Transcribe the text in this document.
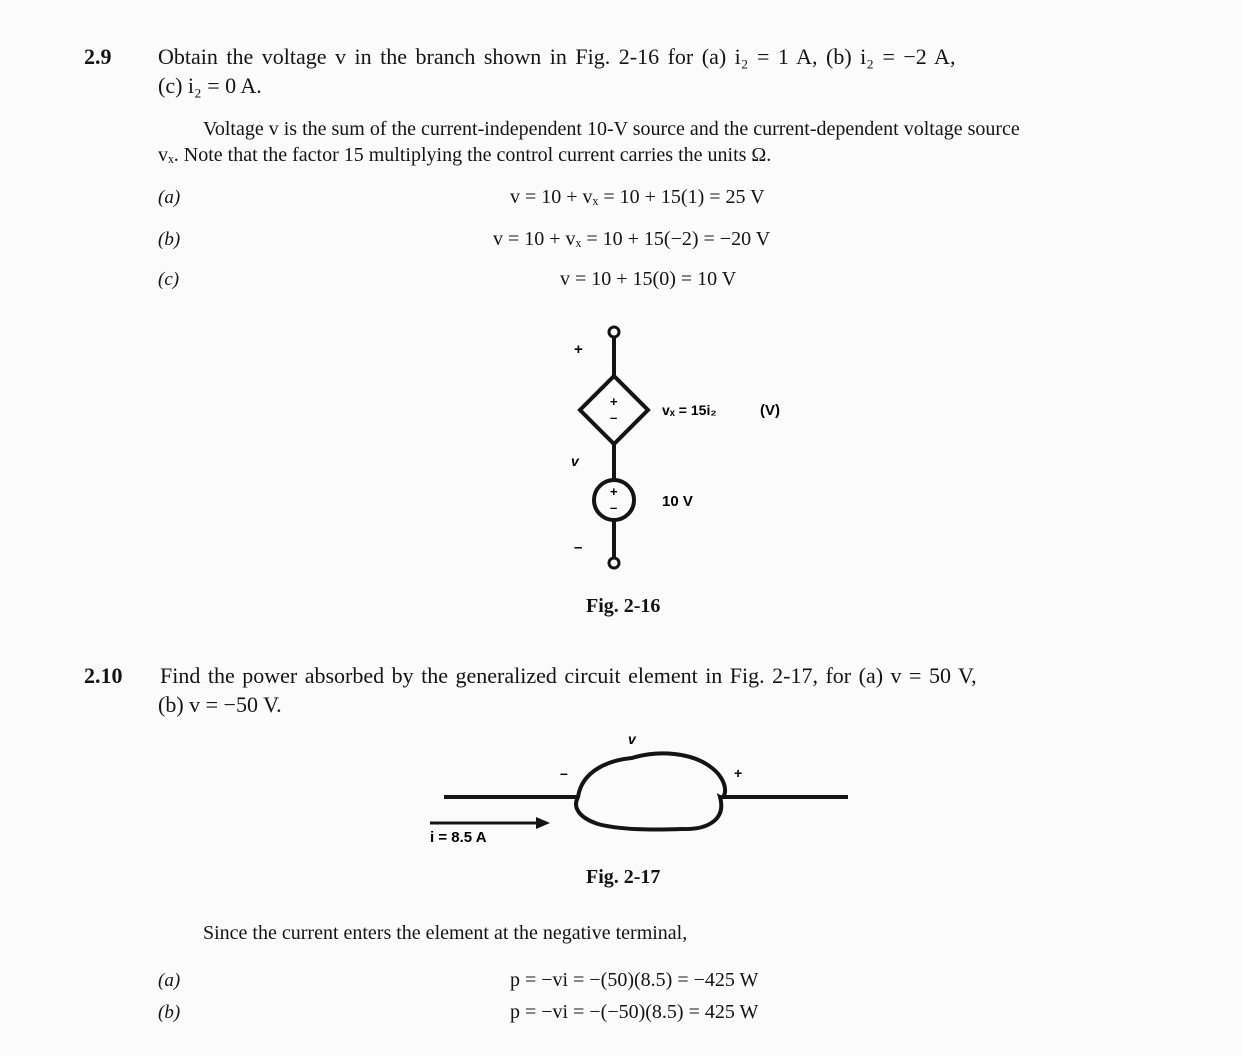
2.9 Obtain the voltage v in the branch shown in Fig. 2-16 for (a) i₂ = 1 A, (b) i₂ = −2 A,
(c) i₂ = 0 A.
Voltage v is the sum of the current-independent 10-V source and the current-dependent voltage source
vₓ. Note that the factor 15 multiplying the control current carries the units Ω.
(a)	v = 10 + vₓ = 10 + 15(1) = 25 V
(b)	v = 10 + vₓ = 10 + 15(−2) = −20 V
(c)	v = 10 + 15(0) = 10 V
+
–
+
–
+
–
v
vₓ = 15i₂	(V)
10 V
Fig. 2-16
2.10 Find the power absorbed by the generalized circuit element in Fig. 2-17, for (a) v = 50 V,
(b) v = −50 V.
v
–	+
i = 8.5 A
Fig. 2-17
Since the current enters the element at the negative terminal,
(a)	p = −vi = −(50)(8.5) = −425 W
(b)	p = −vi = −(−50)(8.5) = 425 W
